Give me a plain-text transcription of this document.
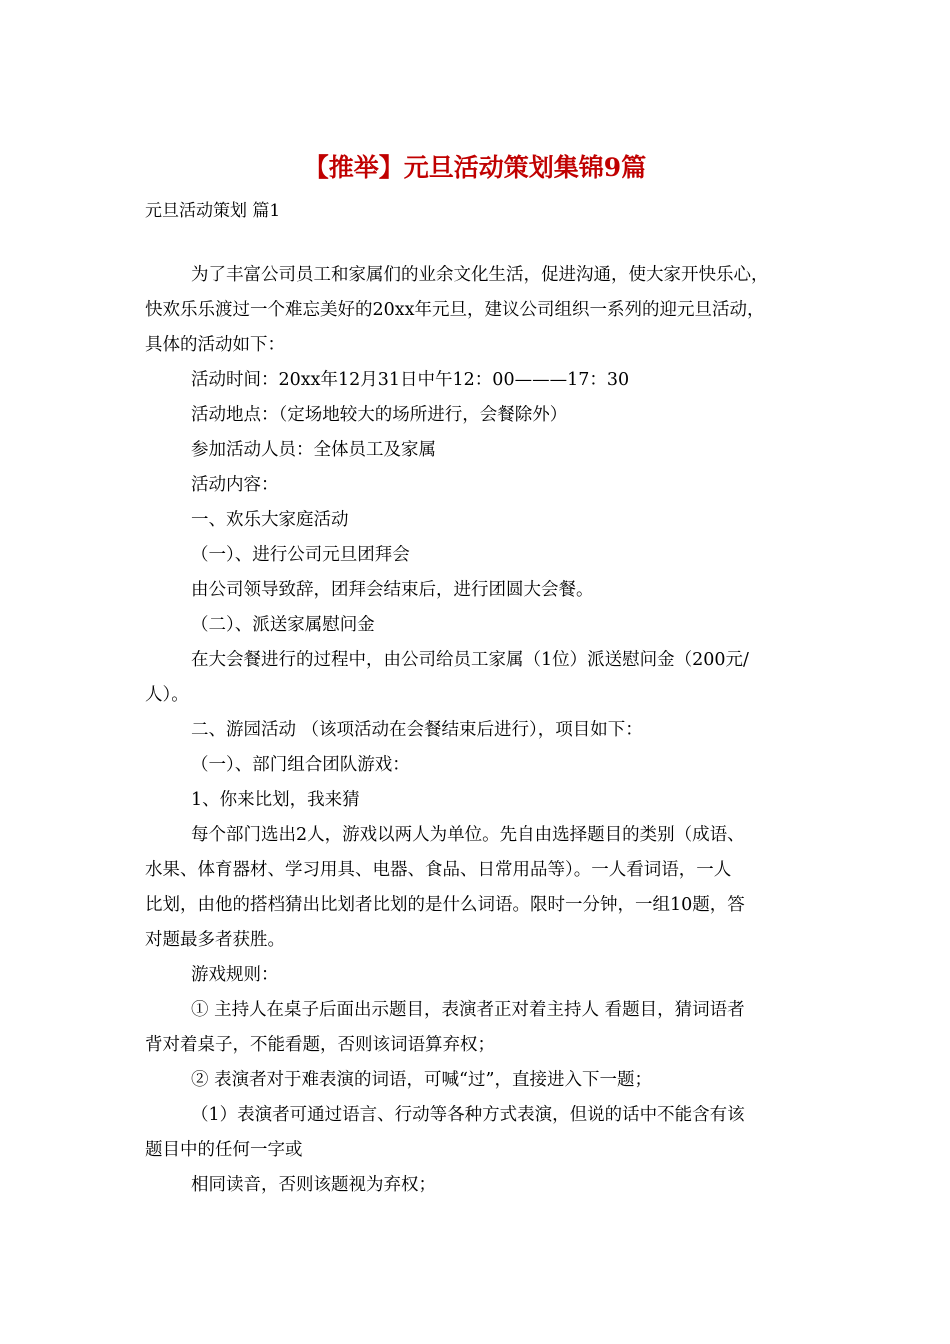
【推举】元旦活动策划集锦9篇
元旦活动策划 篇1

为了丰富公司员工和家属们的业余文化生活，促进沟通，使大家开快乐心，

快欢乐乐渡过一个难忘美好的20xx年元旦，建议公司组织一系列的迎元旦活动，

具体的活动如下：

活动时间：20xx年12月31日中午12：00———17：30

活动地点：（定场地较大的场所进行，会餐除外）

参加活动人员：全体员工及家属

活动内容：

一、欢乐大家庭活动

（一）、进行公司元旦团拜会

由公司领导致辞，团拜会结束后，进行团圆大会餐。

（二）、派送家属慰问金

在大会餐进行的过程中，由公司给员工家属（1位）派送慰问金（200元/

人）。

二、游园活动 （该项活动在会餐结束后进行），项目如下：

（一）、部门组合团队游戏：

1、你来比划，我来猜

每个部门选出2人，游戏以两人为单位。先自由选择题目的类别（成语、

水果、体育器材、学习用具、电器、食品、日常用品等）。一人看词语，一人

比划，由他的搭档猜出比划者比划的是什么词语。限时一分钟，一组10题，答

对题最多者获胜。

游戏规则：

① 主持人在桌子后面出示题目，表演者正对着主持人 看题目，猜词语者

背对着桌子，不能看题，否则该词语算弃权；

② 表演者对于难表演的词语，可喊“过”，直接进入下一题；

（1）表演者可通过语言、行动等各种方式表演，但说的话中不能含有该

题目中的任何一字或

相同读音，否则该题视为弃权；
